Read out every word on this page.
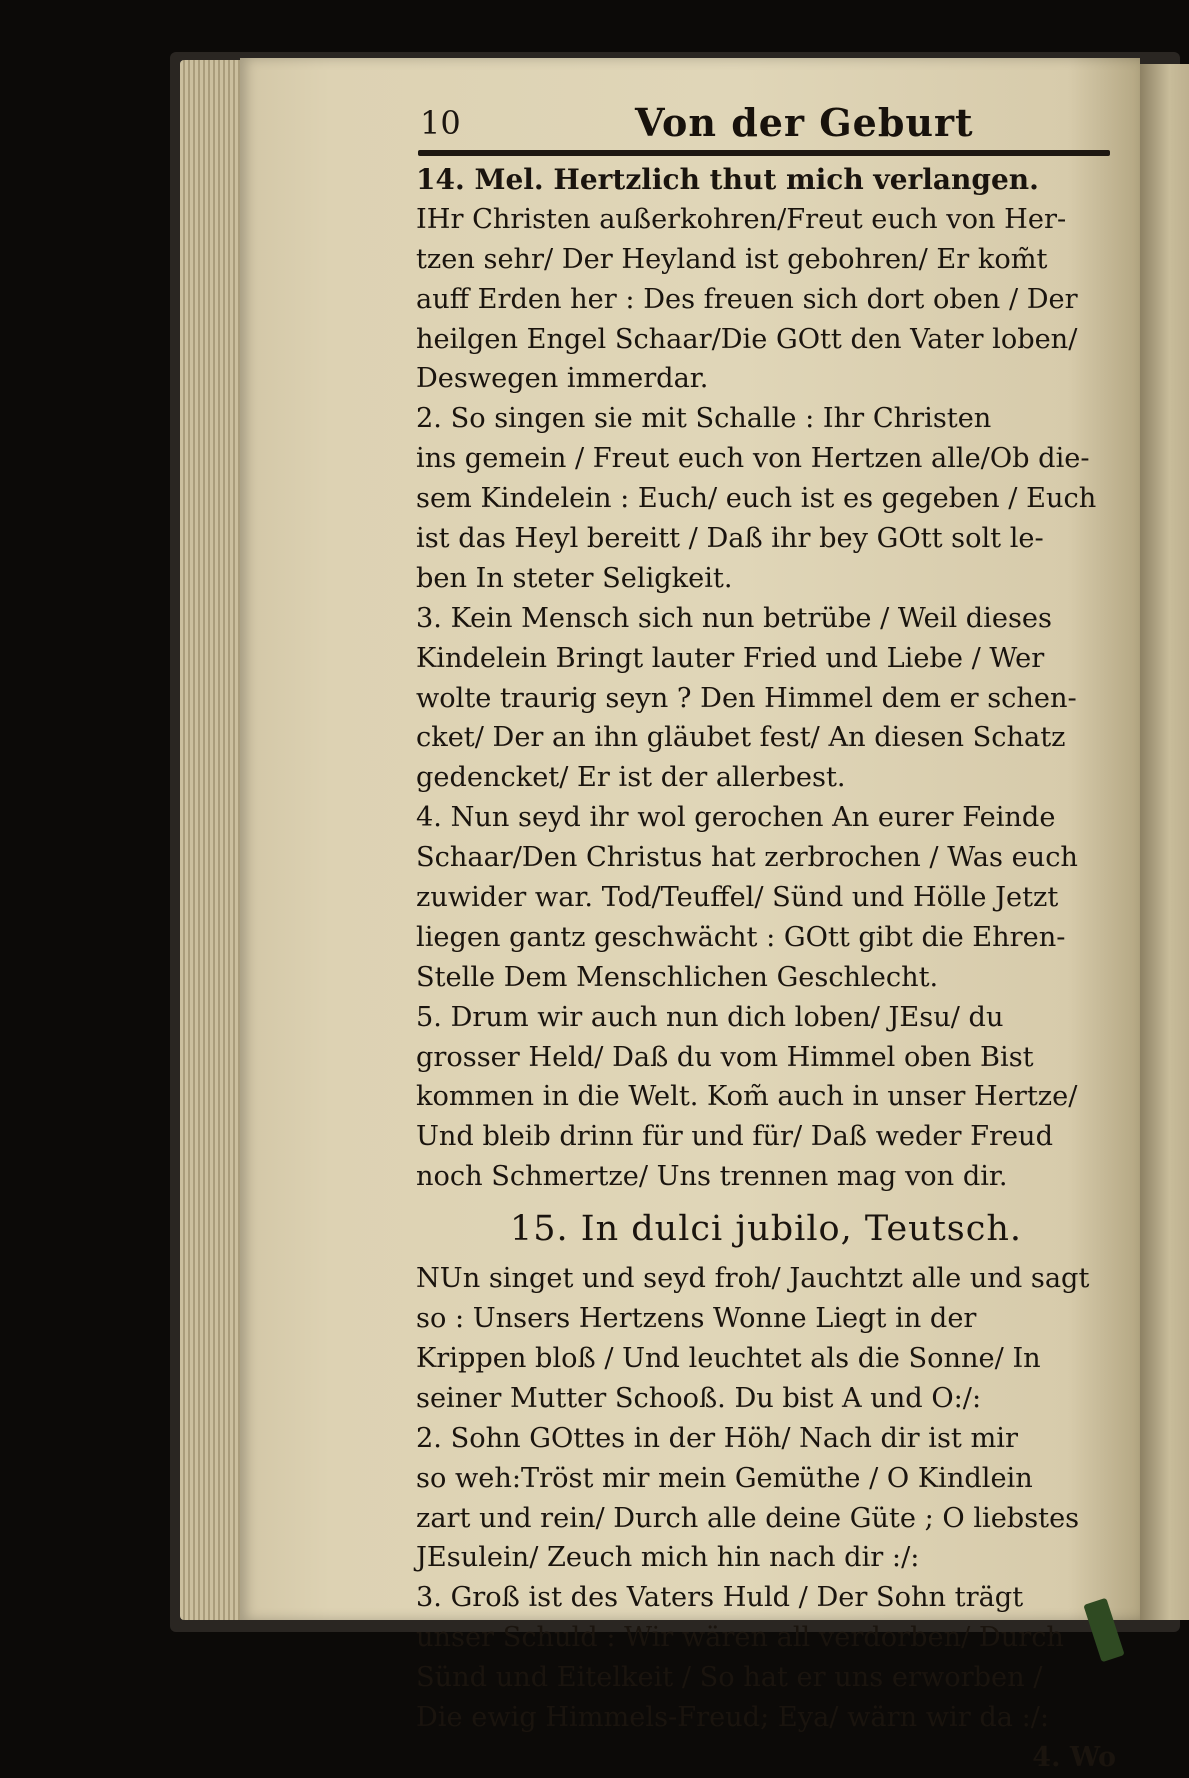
10	Von der Geburt
14. Mel. Hertzlich thut mich verlangen.
IHr Christen außerkohren/Freut euch von Her-
tzen sehr/ Der Heyland ist gebohren/ Er kom̃t
auff Erden her : Des freuen sich dort oben / Der
heilgen Engel Schaar/Die GOtt den Vater loben/
Deswegen immerdar.
2. So singen sie mit Schalle : Ihr Christen
ins gemein / Freut euch von Hertzen alle/Ob die-
sem Kindelein : Euch/ euch ist es gegeben / Euch
ist das Heyl bereitt / Daß ihr bey GOtt solt le-
ben In steter Seligkeit.
3. Kein Mensch sich nun betrübe / Weil dieses
Kindelein Bringt lauter Fried und Liebe / Wer
wolte traurig seyn ? Den Himmel dem er schen-
cket/ Der an ihn gläubet fest/ An diesen Schatz
gedencket/ Er ist der allerbest.
4. Nun seyd ihr wol gerochen An eurer Feinde
Schaar/Den Christus hat zerbrochen / Was euch
zuwider war. Tod/Teuffel/ Sünd und Hölle Jetzt
liegen gantz geschwächt : GOtt gibt die Ehren-
Stelle Dem Menschlichen Geschlecht.
5. Drum wir auch nun dich loben/ JEsu/ du
grosser Held/ Daß du vom Himmel oben Bist
kommen in die Welt. Kom̃ auch in unser Hertze/
Und bleib drinn für und für/ Daß weder Freud
noch Schmertze/ Uns trennen mag von dir.
15. In dulci jubilo, Teutsch.
NUn singet und seyd froh/ Jauchtzt alle und sagt
so : Unsers Hertzens Wonne Liegt in der
Krippen bloß / Und leuchtet als die Sonne/ In
seiner Mutter Schooß. Du bist A und O:/:
2. Sohn GOttes in der Höh/ Nach dir ist mir
so weh:Tröst mir mein Gemüthe / O Kindlein
zart und rein/ Durch alle deine Güte ; O liebstes
JEsulein/ Zeuch mich hin nach dir :/:
3. Groß ist des Vaters Huld / Der Sohn trägt
unser Schuld : Wir wären all verdorben/ Durch
Sünd und Eitelkeit / So hat er uns erworben /
Die ewig Himmels-Freud; Eya/ wärn wir da :/:
4. Wo
